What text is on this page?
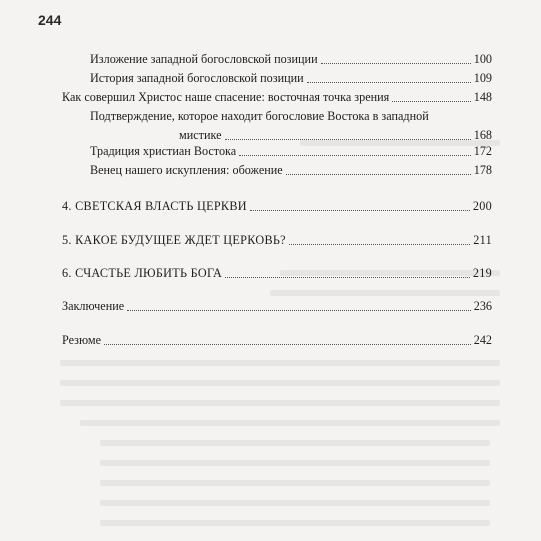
244
Изложение западной богословской позиции	100
История западной богословской позиции	109
Как совершил Христос наше спасение: восточная точка зрения	148
Подтверждение, которое находит богословие Востока в западной
мистике	168
Традиция христиан Востока	172
Венец нашего искупления: обожение	178
4. СВЕТСКАЯ ВЛАСТЬ ЦЕРКВИ	200
5. КАКОЕ БУДУЩЕЕ ЖДЕТ ЦЕРКОВЬ?	211
6. СЧАСТЬЕ ЛЮБИТЬ БОГА	219
Заключение	236
Резюме	242
